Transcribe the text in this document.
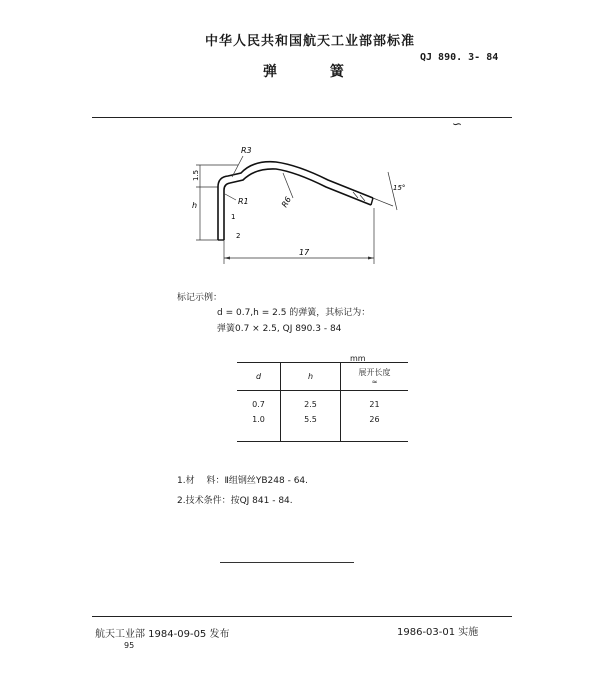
中华人民共和国航天工业部部标准
弹 簧
QJ 890. 3- 84
∽
R3
R1	R6
15°
h
1.5
1
2
17
标记示例：
d = 0.7,h = 2.5 的弹簧，其标记为：
弹簧0.7 × 2.5, QJ 890.3 - 84
mm
d	h	展开长度
≈

0.7	2.5	21
1.0	5.5	26
1.材　 料：Ⅱ组钢丝YB248 - 64.
2.技术条件：按QJ 841 - 84.
航天工业部 1984-09-05 发布	1986-03-01 实施
95
